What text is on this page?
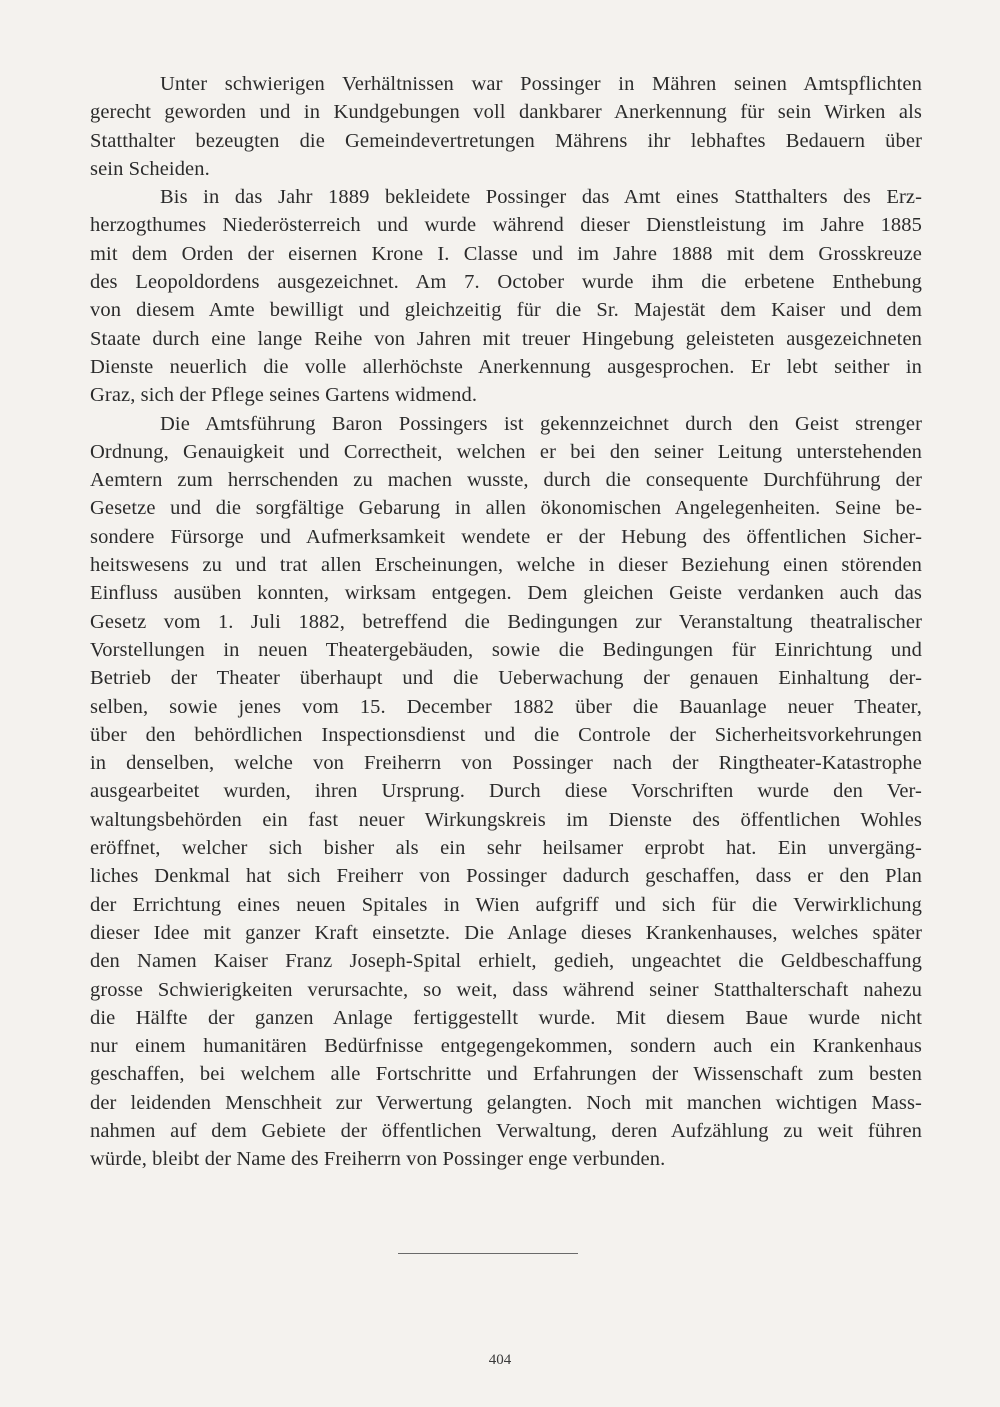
Unter schwierigen Verhältnissen war Possinger in Mähren seinen Amtspflichten
gerecht geworden und in Kundgebungen voll dankbarer Anerkennung für sein Wirken als
Statthalter bezeugten die Gemeindevertretungen Mährens ihr lebhaftes Bedauern über
sein Scheiden.
Bis in das Jahr 1889 bekleidete Possinger das Amt eines Statthalters des Erz-
herzogthumes Niederösterreich und wurde während dieser Dienstleistung im Jahre 1885
mit dem Orden der eisernen Krone I. Classe und im Jahre 1888 mit dem Grosskreuze
des Leopoldordens ausgezeichnet. Am 7. October wurde ihm die erbetene Enthebung
von diesem Amte bewilligt und gleichzeitig für die Sr. Majestät dem Kaiser und dem
Staate durch eine lange Reihe von Jahren mit treuer Hingebung geleisteten ausgezeichneten
Dienste neuerlich die volle allerhöchste Anerkennung ausgesprochen. Er lebt seither in
Graz, sich der Pflege seines Gartens widmend.
Die Amtsführung Baron Possingers ist gekennzeichnet durch den Geist strenger
Ordnung, Genauigkeit und Correctheit, welchen er bei den seiner Leitung unterstehenden
Aemtern zum herrschenden zu machen wusste, durch die consequente Durchführung der
Gesetze und die sorgfältige Gebarung in allen ökonomischen Angelegenheiten. Seine be-
sondere Fürsorge und Aufmerksamkeit wendete er der Hebung des öffentlichen Sicher-
heitswesens zu und trat allen Erscheinungen, welche in dieser Beziehung einen störenden
Einfluss ausüben konnten, wirksam entgegen. Dem gleichen Geiste verdanken auch das
Gesetz vom 1. Juli 1882, betreffend die Bedingungen zur Veranstaltung theatralischer
Vorstellungen in neuen Theatergebäuden, sowie die Bedingungen für Einrichtung und
Betrieb der Theater überhaupt und die Ueberwachung der genauen Einhaltung der-
selben, sowie jenes vom 15. December 1882 über die Bauanlage neuer Theater,
über den behördlichen Inspectionsdienst und die Controle der Sicherheitsvorkehrungen
in denselben, welche von Freiherrn von Possinger nach der Ringtheater-Katastrophe
ausgearbeitet wurden, ihren Ursprung. Durch diese Vorschriften wurde den Ver-
waltungsbehörden ein fast neuer Wirkungskreis im Dienste des öffentlichen Wohles
eröffnet, welcher sich bisher als ein sehr heilsamer erprobt hat. Ein unvergäng-
liches Denkmal hat sich Freiherr von Possinger dadurch geschaffen, dass er den Plan
der Errichtung eines neuen Spitales in Wien aufgriff und sich für die Verwirklichung
dieser Idee mit ganzer Kraft einsetzte. Die Anlage dieses Krankenhauses, welches später
den Namen Kaiser Franz Joseph-Spital erhielt, gedieh, ungeachtet die Geldbeschaffung
grosse Schwierigkeiten verursachte, so weit, dass während seiner Statthalterschaft nahezu
die Hälfte der ganzen Anlage fertiggestellt wurde. Mit diesem Baue wurde nicht
nur einem humanitären Bedürfnisse entgegengekommen, sondern auch ein Krankenhaus
geschaffen, bei welchem alle Fortschritte und Erfahrungen der Wissenschaft zum besten
der leidenden Menschheit zur Verwertung gelangten. Noch mit manchen wichtigen Mass-
nahmen auf dem Gebiete der öffentlichen Verwaltung, deren Aufzählung zu weit führen
würde, bleibt der Name des Freiherrn von Possinger enge verbunden.
404
